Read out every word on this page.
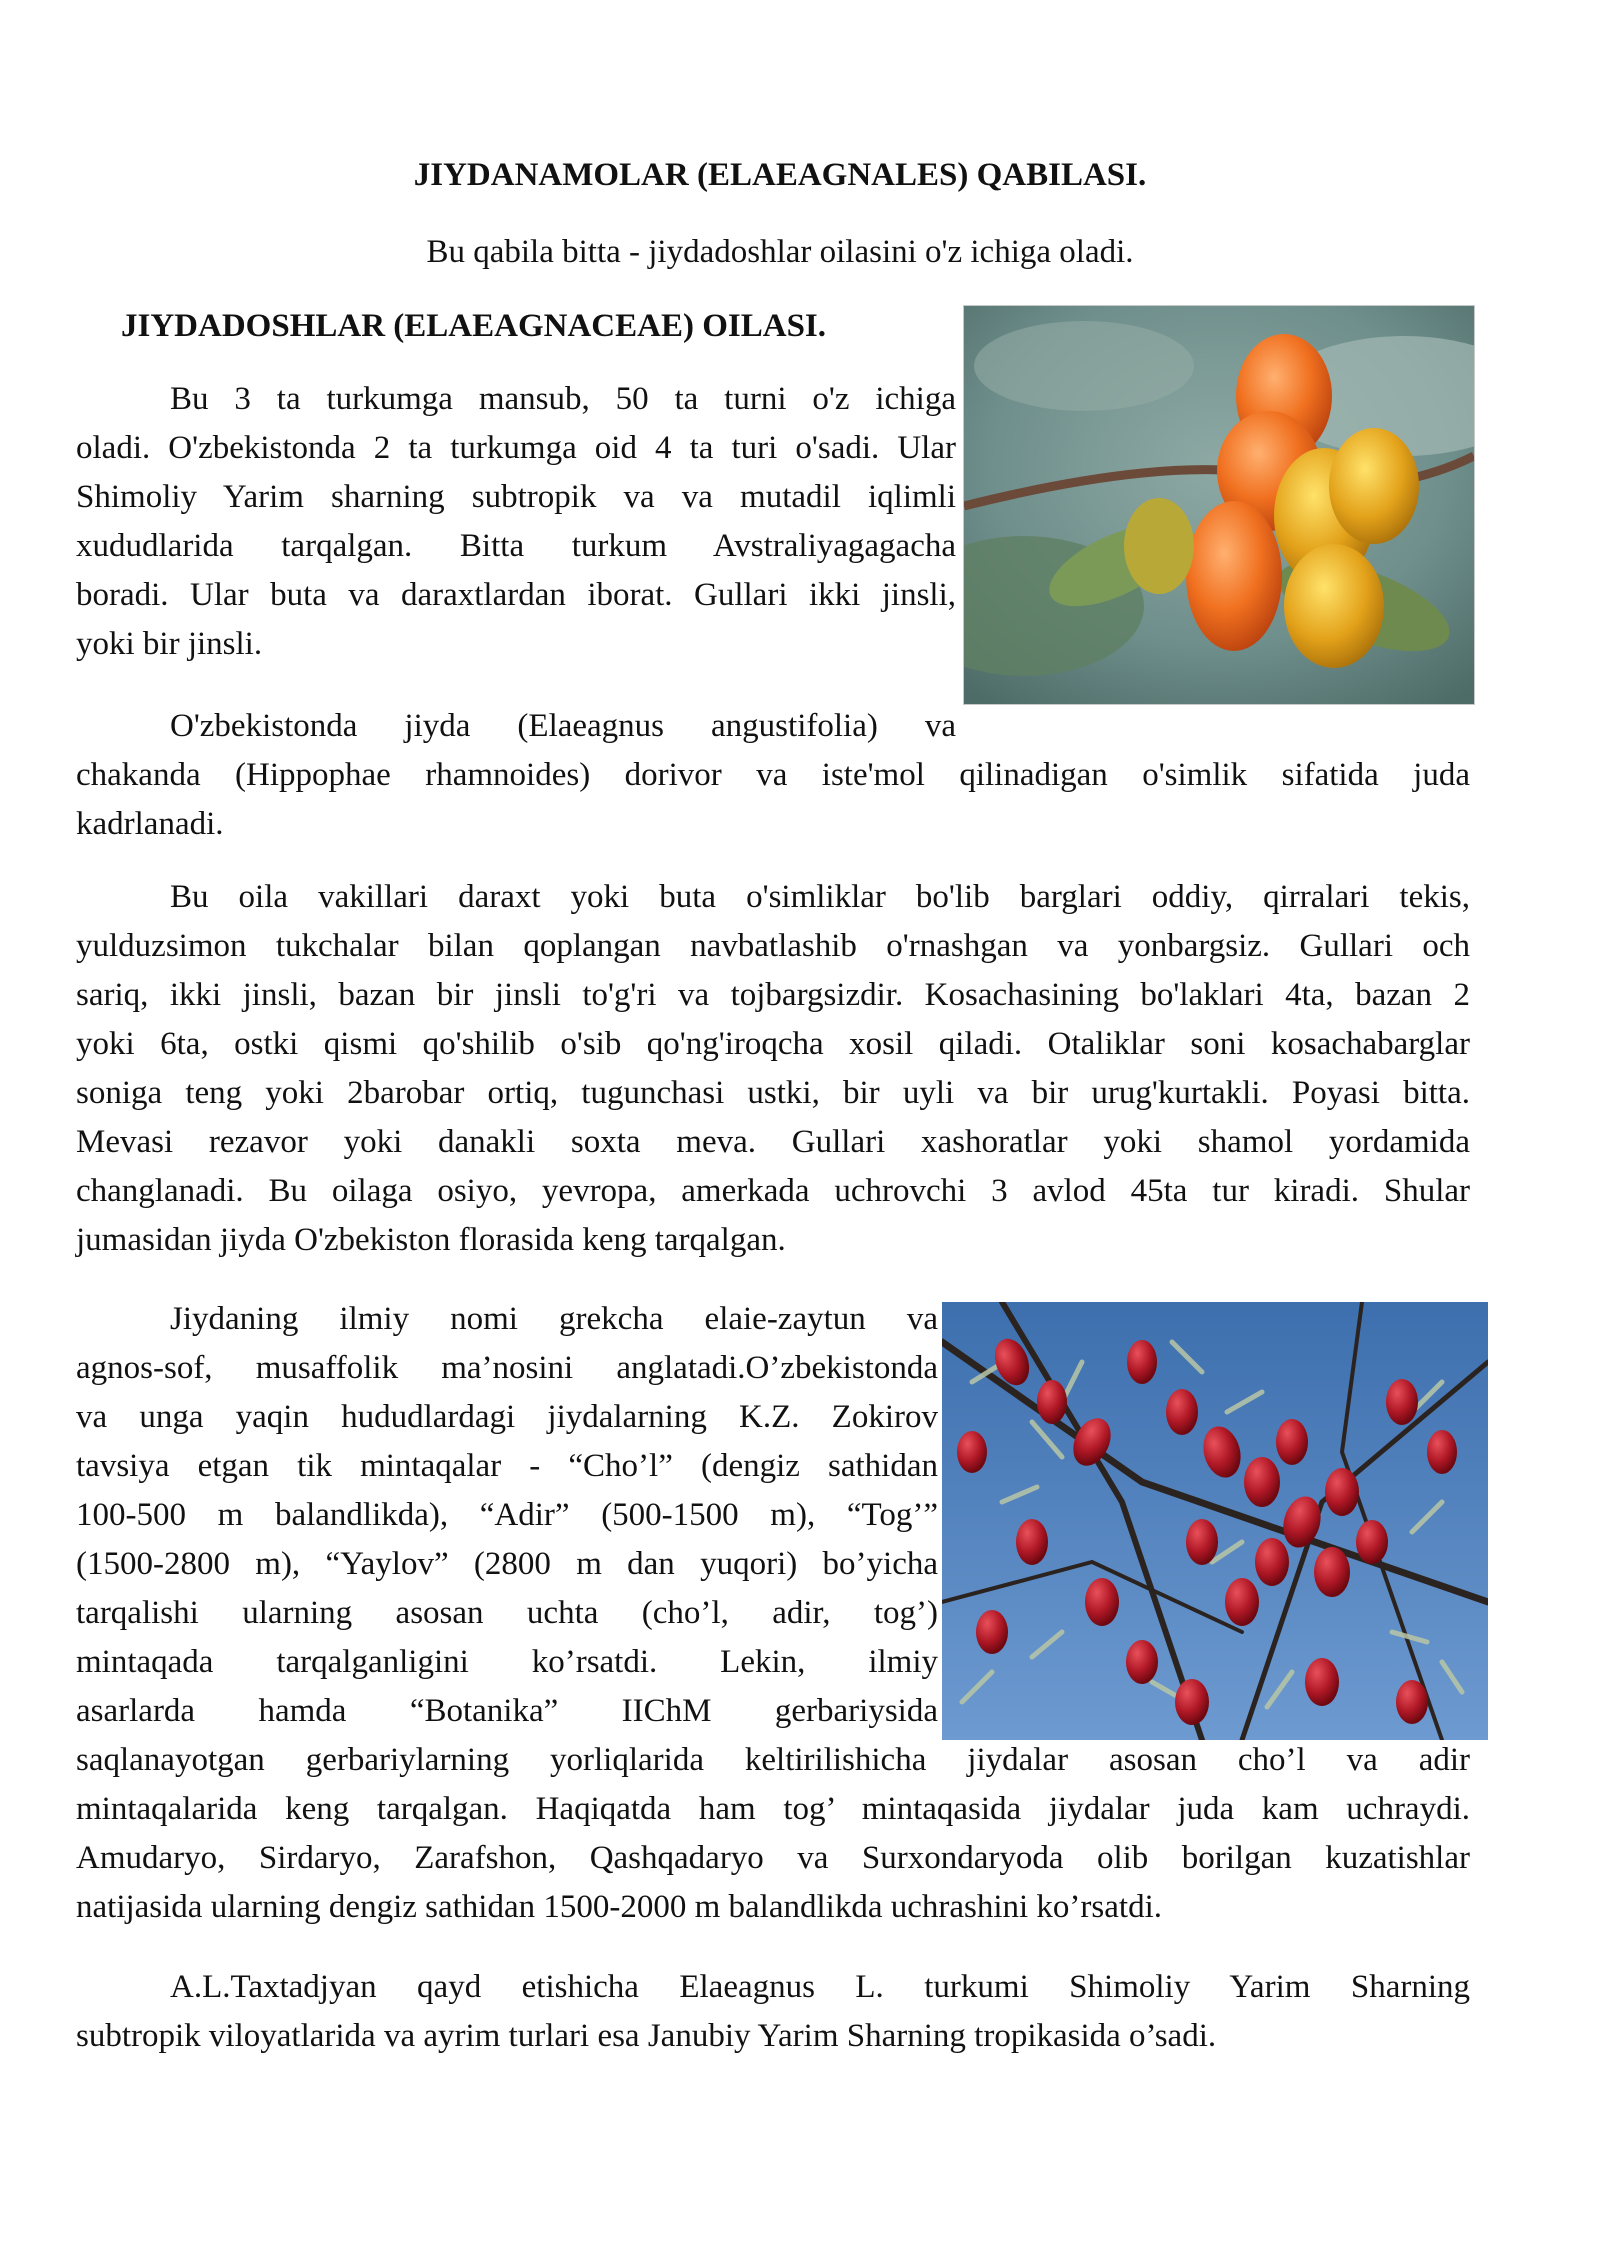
JIYDANAMOLAR (ELAEAGNALES) QABILASI.
Bu qabila bitta - jiydadoshlar oilasini o'z ichiga oladi.
JIYDADOSHLAR (ELAEAGNACEAE) OILASI.
Bu 3 ta turkumga mansub, 50 ta turni o'z ichiga
oladi. O'zbekistonda 2 ta turkumga oid 4 ta turi o'sadi. Ular
Shimoliy Yarim sharning subtropik va va mutadil iqlimli
xududlarida tarqalgan. Bitta turkum Avstraliyagagacha
boradi. Ular buta va daraxtlardan iborat. Gullari ikki jinsli,
yoki bir jinsli.
O'zbekistonda jiyda (Elaeagnus angustifolia) va
chakanda (Hippophae rhamnoides) dorivor va iste'mol qilinadigan o'simlik sifatida juda
kadrlanadi.
Bu oila vakillari daraxt yoki buta o'simliklar bo'lib barglari oddiy, qirralari tekis,
yulduzsimon tukchalar bilan qoplangan navbatlashib o'rnashgan va yonbargsiz. Gullari och
sariq, ikki jinsli, bazan bir jinsli to'g'ri va tojbargsizdir. Kosachasining bo'laklari 4ta, bazan 2
yoki 6ta, ostki qismi qo'shilib o'sib qo'ng'iroqcha xosil qiladi. Otaliklar soni kosachabarglar
soniga teng yoki 2barobar ortiq, tugunchasi ustki, bir uyli va bir urug'kurtakli. Poyasi bitta.
Mevasi rezavor yoki danakli soxta meva. Gullari xashoratlar yoki shamol yordamida
changlanadi. Bu oilaga osiyo, yevropa, amerkada uchrovchi 3 avlod 45ta tur kiradi. Shular
jumasidan jiyda O'zbekiston florasida keng tarqalgan.
Jiydaning ilmiy nomi grekcha elaie-zaytun va
agnos-sof, musaffolik ma’nosini anglatadi.O’zbekistonda
va unga yaqin hududlardagi jiydalarning K.Z. Zokirov
tavsiya etgan tik mintaqalar - “Cho’l” (dengiz sathidan
100-500 m balandlikda), “Adir” (500-1500 m), “Tog’”
(1500-2800 m), “Yaylov” (2800 m dan yuqori) bo’yicha
tarqalishi ularning asosan uchta (cho’l, adir, tog’)
mintaqada tarqalganligini ko’rsatdi. Lekin, ilmiy
asarlarda hamda “Botanika” IIChM gerbariysida
saqlanayotgan gerbariylarning yorliqlarida keltirilishicha jiydalar asosan cho’l va adir
mintaqalarida keng tarqalgan. Haqiqatda ham tog’ mintaqasida jiydalar juda kam uchraydi.
Amudaryo, Sirdaryo, Zarafshon, Qashqadaryo va Surxondaryoda olib borilgan kuzatishlar
natijasida ularning dengiz sathidan 1500-2000 m balandlikda uchrashini ko’rsatdi.
A.L.Taxtadjyan qayd etishicha Elaeagnus L. turkumi Shimoliy Yarim Sharning
subtropik viloyatlarida va ayrim turlari esa Janubiy Yarim Sharning tropikasida o’sadi.
